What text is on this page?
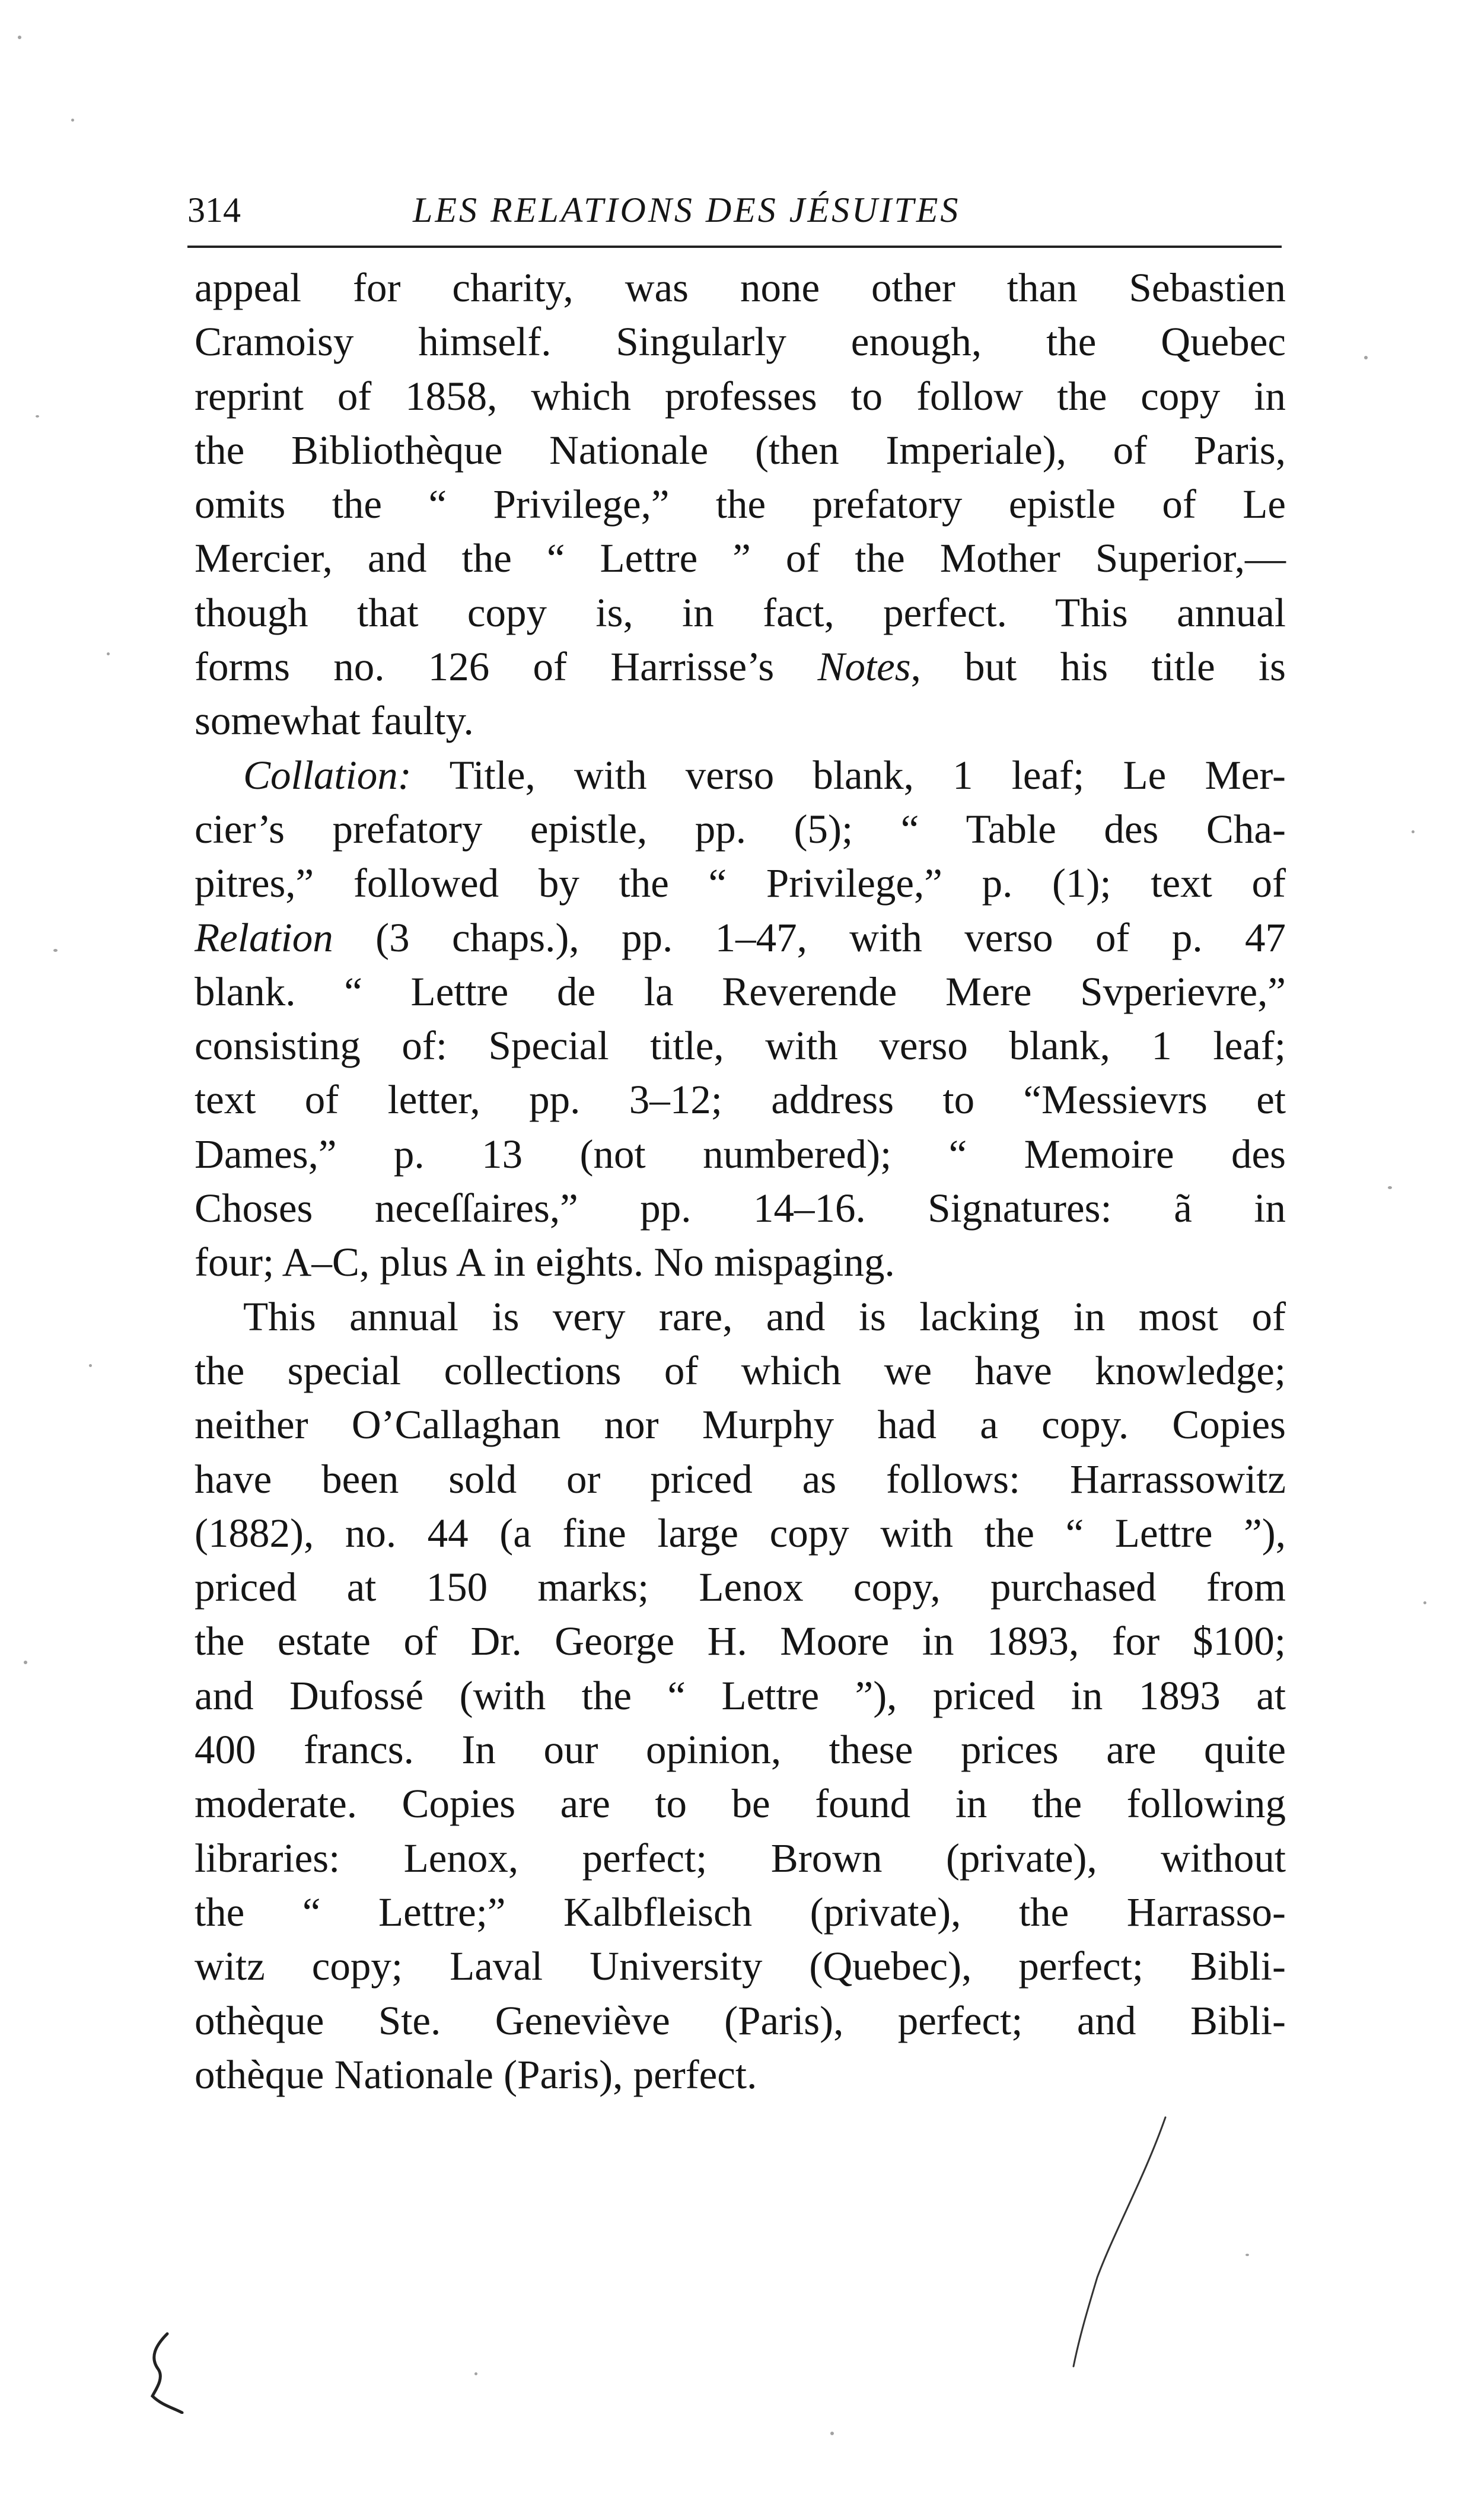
314	LES RELATIONS DES JÉSUITES

appeal for charity, was none other than Sebastien
Cramoisy himself. Singularly enough, the Quebec
reprint of 1858, which professes to follow the copy in
the Bibliothèque Nationale (then Imperiale), of Paris,
omits the “ Privilege,” the prefatory epistle of Le
Mercier, and the “ Lettre ” of the Mother Superior,—
though that copy is, in fact, perfect. This annual
forms no. 126 of Harrisse’s Notes, but his title is
somewhat faulty.

Collation: Title, with verso blank, 1 leaf; Le Mer-
cier’s prefatory epistle, pp. (5); “ Table des Cha-
pitres,” followed by the “ Privilege,” p. (1); text of
Relation (3 chaps.), pp. 1–47, with verso of p. 47
blank. “ Lettre de la Reverende Mere Svperievre,”
consisting of: Special title, with verso blank, 1 leaf;
text of letter, pp. 3–12; address to “Messievrs et
Dames,” p. 13 (not numbered); “ Memoire des
Choses neceſſaires,” pp. 14–16. Signatures: ã in
four; A–C, plus A in eights. No mispaging.

This annual is very rare, and is lacking in most of
the special collections of which we have knowledge;
neither O’Callaghan nor Murphy had a copy. Copies
have been sold or priced as follows: Harrassowitz
(1882), no. 44 (a fine large copy with the “ Lettre ”),
priced at 150 marks; Lenox copy, purchased from
the estate of Dr. George H. Moore in 1893, for $100;
and Dufossé (with the “ Lettre ”), priced in 1893 at
400 francs. In our opinion, these prices are quite
moderate. Copies are to be found in the following
libraries: Lenox, perfect; Brown (private), without
the “ Lettre;” Kalbfleisch (private), the Harrasso-
witz copy; Laval University (Quebec), perfect; Bibli-
othèque Ste. Geneviève (Paris), perfect; and Bibli-
othèque Nationale (Paris), perfect.
